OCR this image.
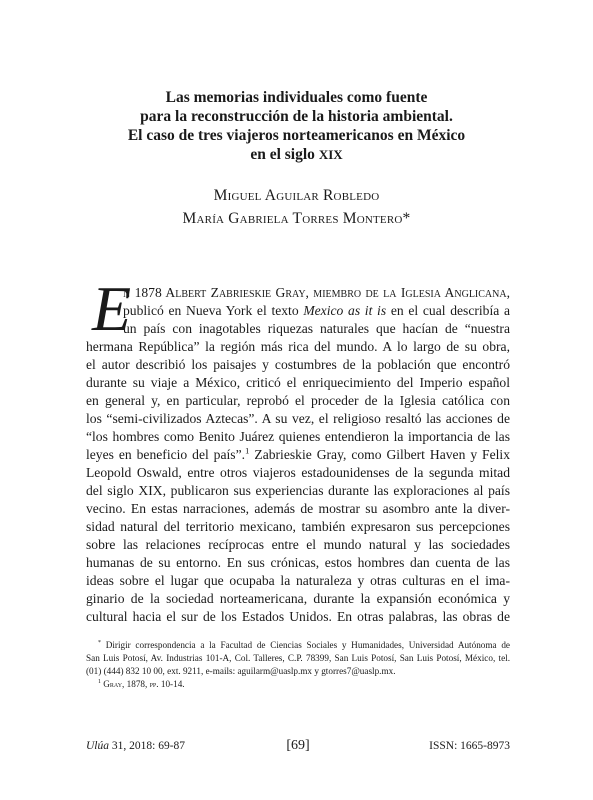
Las memorias individuales como fuente
para la reconstrucción de la historia ambiental.
El caso de tres viajeros norteamericanos en México
en el siglo XIX
Miguel Aguilar Robledo
María Gabriela Torres Montero*
E
n 1878 Albert Zabrieskie Gray, miembro de la Iglesia Anglicana,
publicó en Nueva York el texto Mexico as it is en el cual describía a
un país con inagotables riquezas naturales que hacían de “nuestra
hermana República” la región más rica del mundo. A lo largo de su obra,
el autor describió los paisajes y costumbres de la población que encontró
durante su viaje a México, criticó el enriquecimiento del Imperio español
en general y, en particular, reprobó el proceder de la Iglesia católica con
los “semi-civilizados Aztecas”. A su vez, el religioso resaltó las acciones de
“los hombres como Benito Juárez quienes entendieron la importancia de las
leyes en beneficio del país”.$^1$ Zabrieskie Gray, como Gilbert Haven y Felix
Leopold Oswald, entre otros viajeros estadounidenses de la segunda mitad
del siglo XIX, publicaron sus experiencias durante las exploraciones al país
vecino. En estas narraciones, además de mostrar su asombro ante la diver-
sidad natural del territorio mexicano, también expresaron sus percepciones
sobre las relaciones recíprocas entre el mundo natural y las sociedades
humanas de su entorno. En sus crónicas, estos hombres dan cuenta de las
ideas sobre el lugar que ocupaba la naturaleza y otras culturas en el ima-
ginario de la sociedad norteamericana, durante la expansión económica y
cultural hacia el sur de los Estados Unidos. En otras palabras, las obras de
* Dirigir correspondencia a la Facultad de Ciencias Sociales y Humanidades, Universidad Autónoma de
San Luis Potosí, Av. Industrias 101-A, Col. Talleres, C.P. 78399, San Luis Potosí, San Luis Potosí, México, tel.
(01) (444) 832 10 00, ext. 9211, e-mails: aguilarm@uaslp.mx y gtorres7@uaslp.mx.
$^1$ Gray, 1878, pp. 10-14.
Ulúa 31, 2018: 69-87	[69]	ISSN: 1665-8973
